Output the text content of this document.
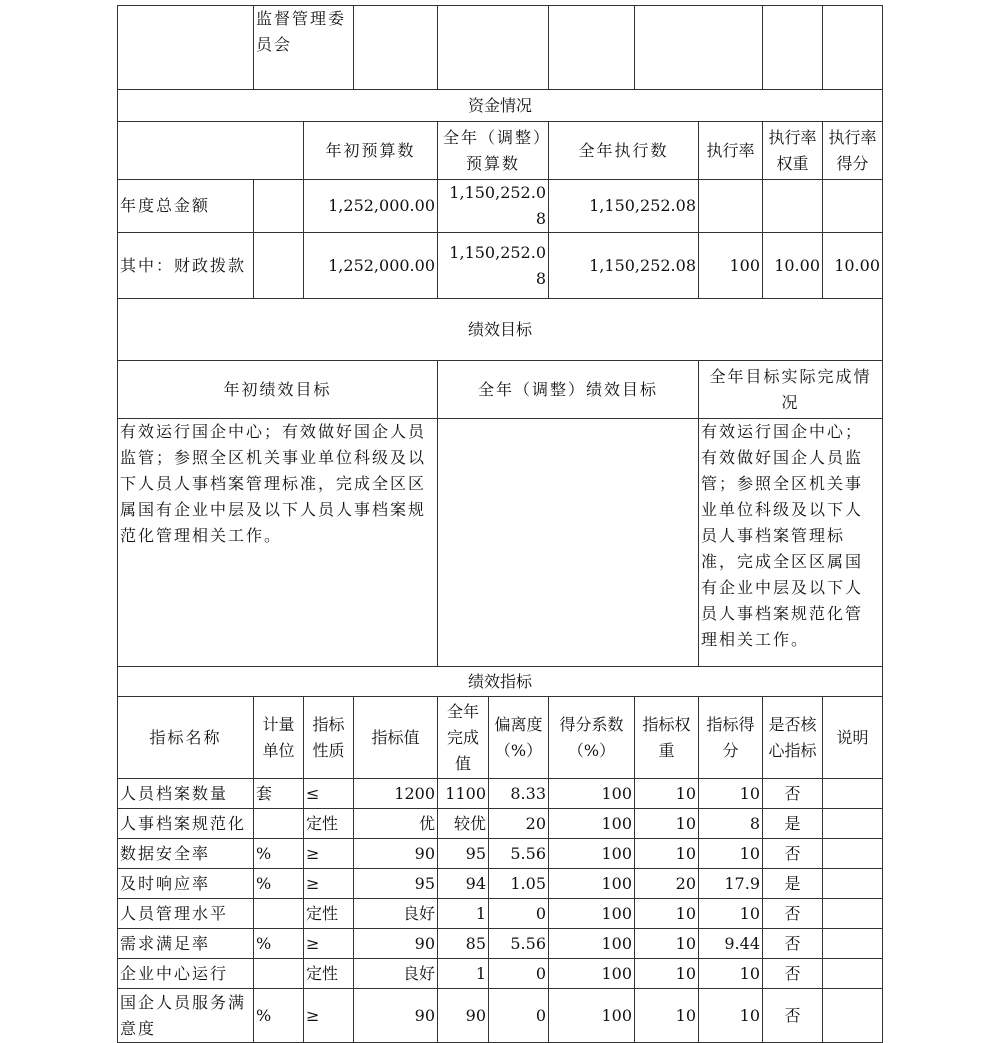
	监督管理委员会									
资金情况										
		年初预算数		全年（调整）预算数		全年执行数		执行率	执行率权重	执行率得分
年度总金额		1,252,000.00		1,150,252.08		1,150,252.08				
其中：财政拨款		1,252,000.00		1,150,252.08		1,150,252.08		100	10.00	10.00
绩效目标										
年初绩效目标				全年（调整）绩效目标				全年目标实际完成情况		
有效运行国企中心；有效做好国企人员监管；参照全区机关事业单位科级及以下人员人事档案管理标准，完成全区区属国有企业中层及以下人员人事档案规范化管理相关工作。								有效运行国企中心；有效做好国企人员监管；参照全区机关事业单位科级及以下人员人事档案管理标准，完成全区区属国有企业中层及以下人员人事档案规范化管理相关工作。		
绩效指标										
指标名称	计量单位	指标性质	指标值	全年完成值	偏离度（%）	得分系数（%）	指标权重	指标得分	是否核心指标	说明
人员档案数量	套	≤	1200	1100	8.33	100	10	10	否	
人事档案规范化		定性	优	较优	20	100	10	8	是	
数据安全率	%	≥	90	95	5.56	100	10	10	否	
及时响应率	%	≥	95	94	1.05	100	20	17.9	是	
人员管理水平		定性	良好	1	0	100	10	10	否	
需求满足率	%	≥	90	85	5.56	100	10	9.44	否	
企业中心运行		定性	良好	1	0	100	10	10	否	
国企人员服务满意度	%	≥	90	90	0	100	10	10	否	
